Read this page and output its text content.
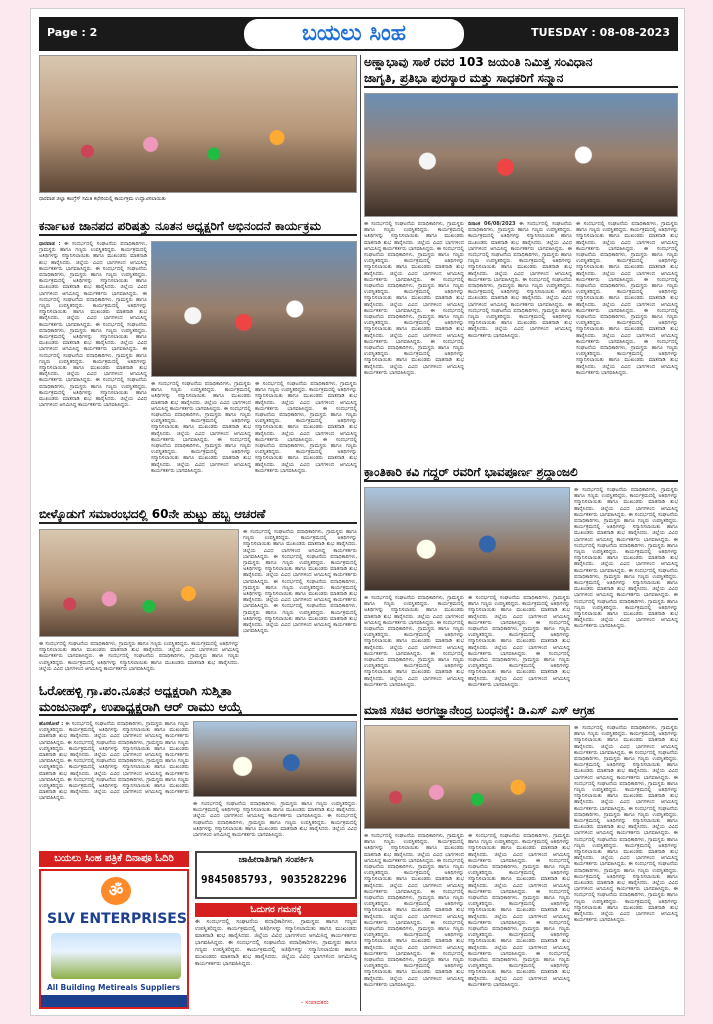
Page : 2	ಬಯಲು ಸಿಂಹ	TUESDAY : 08-08-2023
ಧಾರವಾಡ ಜಿಲ್ಲಾ ಕಾಂಗ್ರೆಸ್ ಸಮಿತಿ ಕಛೇರಿಯಲ್ಲಿ ಕಾರ್ಯಕ್ರಮ ಉದ್ಘಾಟಿಸಲಾಯಿತು
ಕರ್ನಾಟಕ ಜಾನಪದ ಪರಿಷತ್ತು ನೂತನ ಅಧ್ಯಕ್ಷರಿಗೆ ಅಭಿನಂದನೆ ಕಾರ್ಯಕ್ರಮ
ಧಾರವಾಡ : ಈ ಸಂದರ್ಭದಲ್ಲಿ ಸಂಘಟನೆಯ ಪದಾಧಿಕಾರಿಗಳು, ಗ್ರಾಮಸ್ಥರು ಹಾಗೂ ಗಣ್ಯರು ಉಪಸ್ಥಿತರಿದ್ದರು. ಕಾರ್ಯಕ್ರಮದಲ್ಲಿ ಅತಿಥಿಗಳನ್ನು ಸನ್ಮಾನಿಸಲಾಯಿತು ಹಾಗೂ ಮುಖಂಡರು ಮಾತನಾಡಿ ಶುಭ ಹಾರೈಸಿದರು. ಜಿಲ್ಲೆಯ ವಿವಿಧ ಭಾಗಗಳಿಂದ ಆಗಮಿಸಿದ್ದ ಕಾರ್ಯಕರ್ತರು ಭಾಗವಹಿಸಿದ್ದರು. ಈ ಸಂದರ್ಭದಲ್ಲಿ ಸಂಘಟನೆಯ ಪದಾಧಿಕಾರಿಗಳು, ಗ್ರಾಮಸ್ಥರು ಹಾಗೂ ಗಣ್ಯರು ಉಪಸ್ಥಿತರಿದ್ದರು. ಕಾರ್ಯಕ್ರಮದಲ್ಲಿ ಅತಿಥಿಗಳನ್ನು ಸನ್ಮಾನಿಸಲಾಯಿತು ಹಾಗೂ ಮುಖಂಡರು ಮಾತನಾಡಿ ಶುಭ ಹಾರೈಸಿದರು. ಜಿಲ್ಲೆಯ ವಿವಿಧ ಭಾಗಗಳಿಂದ ಆಗಮಿಸಿದ್ದ ಕಾರ್ಯಕರ್ತರು ಭಾಗವಹಿಸಿದ್ದರು. ಈ ಸಂದರ್ಭದಲ್ಲಿ ಸಂಘಟನೆಯ ಪದಾಧಿಕಾರಿಗಳು, ಗ್ರಾಮಸ್ಥರು ಹಾಗೂ ಗಣ್ಯರು ಉಪಸ್ಥಿತರಿದ್ದರು. ಕಾರ್ಯಕ್ರಮದಲ್ಲಿ ಅತಿಥಿಗಳನ್ನು ಸನ್ಮಾನಿಸಲಾಯಿತು ಹಾಗೂ ಮುಖಂಡರು ಮಾತನಾಡಿ ಶುಭ ಹಾರೈಸಿದರು. ಜಿಲ್ಲೆಯ ವಿವಿಧ ಭಾಗಗಳಿಂದ ಆಗಮಿಸಿದ್ದ ಕಾರ್ಯಕರ್ತರು ಭಾಗವಹಿಸಿದ್ದರು. ಈ ಸಂದರ್ಭದಲ್ಲಿ ಸಂಘಟನೆಯ ಪದಾಧಿಕಾರಿಗಳು, ಗ್ರಾಮಸ್ಥರು ಹಾಗೂ ಗಣ್ಯರು ಉಪಸ್ಥಿತರಿದ್ದರು. ಕಾರ್ಯಕ್ರಮದಲ್ಲಿ ಅತಿಥಿಗಳನ್ನು ಸನ್ಮಾನಿಸಲಾಯಿತು ಹಾಗೂ ಮುಖಂಡರು ಮಾತನಾಡಿ ಶುಭ ಹಾರೈಸಿದರು. ಜಿಲ್ಲೆಯ ವಿವಿಧ ಭಾಗಗಳಿಂದ ಆಗಮಿಸಿದ್ದ ಕಾರ್ಯಕರ್ತರು ಭಾಗವಹಿಸಿದ್ದರು. ಈ ಸಂದರ್ಭದಲ್ಲಿ ಸಂಘಟನೆಯ ಪದಾಧಿಕಾರಿಗಳು, ಗ್ರಾಮಸ್ಥರು ಹಾಗೂ ಗಣ್ಯರು ಉಪಸ್ಥಿತರಿದ್ದರು. ಕಾರ್ಯಕ್ರಮದಲ್ಲಿ ಅತಿಥಿಗಳನ್ನು ಸನ್ಮಾನಿಸಲಾಯಿತು ಹಾಗೂ ಮುಖಂಡರು ಮಾತನಾಡಿ ಶುಭ ಹಾರೈಸಿದರು. ಜಿಲ್ಲೆಯ ವಿವಿಧ ಭಾಗಗಳಿಂದ ಆಗಮಿಸಿದ್ದ ಕಾರ್ಯಕರ್ತರು ಭಾಗವಹಿಸಿದ್ದರು. ಈ ಸಂದರ್ಭದಲ್ಲಿ ಸಂಘಟನೆಯ ಪದಾಧಿಕಾರಿಗಳು, ಗ್ರಾಮಸ್ಥರು ಹಾಗೂ ಗಣ್ಯರು ಉಪಸ್ಥಿತರಿದ್ದರು. ಕಾರ್ಯಕ್ರಮದಲ್ಲಿ ಅತಿಥಿಗಳನ್ನು ಸನ್ಮಾನಿಸಲಾಯಿತು ಹಾಗೂ ಮುಖಂಡರು ಮಾತನಾಡಿ ಶುಭ ಹಾರೈಸಿದರು. ಜಿಲ್ಲೆಯ ವಿವಿಧ ಭಾಗಗಳಿಂದ ಆಗಮಿಸಿದ್ದ ಕಾರ್ಯಕರ್ತರು ಭಾಗವಹಿಸಿದ್ದರು.
ಈ ಸಂದರ್ಭದಲ್ಲಿ ಸಂಘಟನೆಯ ಪದಾಧಿಕಾರಿಗಳು, ಗ್ರಾಮಸ್ಥರು ಹಾಗೂ ಗಣ್ಯರು ಉಪಸ್ಥಿತರಿದ್ದರು. ಕಾರ್ಯಕ್ರಮದಲ್ಲಿ ಅತಿಥಿಗಳನ್ನು ಸನ್ಮಾನಿಸಲಾಯಿತು ಹಾಗೂ ಮುಖಂಡರು ಮಾತನಾಡಿ ಶುಭ ಹಾರೈಸಿದರು. ಜಿಲ್ಲೆಯ ವಿವಿಧ ಭಾಗಗಳಿಂದ ಆಗಮಿಸಿದ್ದ ಕಾರ್ಯಕರ್ತರು ಭಾಗವಹಿಸಿದ್ದರು. ಈ ಸಂದರ್ಭದಲ್ಲಿ ಸಂಘಟನೆಯ ಪದಾಧಿಕಾರಿಗಳು, ಗ್ರಾಮಸ್ಥರು ಹಾಗೂ ಗಣ್ಯರು ಉಪಸ್ಥಿತರಿದ್ದರು. ಕಾರ್ಯಕ್ರಮದಲ್ಲಿ ಅತಿಥಿಗಳನ್ನು ಸನ್ಮಾನಿಸಲಾಯಿತು ಹಾಗೂ ಮುಖಂಡರು ಮಾತನಾಡಿ ಶುಭ ಹಾರೈಸಿದರು. ಜಿಲ್ಲೆಯ ವಿವಿಧ ಭಾಗಗಳಿಂದ ಆಗಮಿಸಿದ್ದ ಕಾರ್ಯಕರ್ತರು ಭಾಗವಹಿಸಿದ್ದರು. ಈ ಸಂದರ್ಭದಲ್ಲಿ ಸಂಘಟನೆಯ ಪದಾಧಿಕಾರಿಗಳು, ಗ್ರಾಮಸ್ಥರು ಹಾಗೂ ಗಣ್ಯರು ಉಪಸ್ಥಿತರಿದ್ದರು. ಕಾರ್ಯಕ್ರಮದಲ್ಲಿ ಅತಿಥಿಗಳನ್ನು ಸನ್ಮಾನಿಸಲಾಯಿತು ಹಾಗೂ ಮುಖಂಡರು ಮಾತನಾಡಿ ಶುಭ ಹಾರೈಸಿದರು. ಜಿಲ್ಲೆಯ ವಿವಿಧ ಭಾಗಗಳಿಂದ ಆಗಮಿಸಿದ್ದ ಕಾರ್ಯಕರ್ತರು ಭಾಗವಹಿಸಿದ್ದರು.
ಈ ಸಂದರ್ಭದಲ್ಲಿ ಸಂಘಟನೆಯ ಪದಾಧಿಕಾರಿಗಳು, ಗ್ರಾಮಸ್ಥರು ಹಾಗೂ ಗಣ್ಯರು ಉಪಸ್ಥಿತರಿದ್ದರು. ಕಾರ್ಯಕ್ರಮದಲ್ಲಿ ಅತಿಥಿಗಳನ್ನು ಸನ್ಮಾನಿಸಲಾಯಿತು ಹಾಗೂ ಮುಖಂಡರು ಮಾತನಾಡಿ ಶುಭ ಹಾರೈಸಿದರು. ಜಿಲ್ಲೆಯ ವಿವಿಧ ಭಾಗಗಳಿಂದ ಆಗಮಿಸಿದ್ದ ಕಾರ್ಯಕರ್ತರು ಭಾಗವಹಿಸಿದ್ದರು. ಈ ಸಂದರ್ಭದಲ್ಲಿ ಸಂಘಟನೆಯ ಪದಾಧಿಕಾರಿಗಳು, ಗ್ರಾಮಸ್ಥರು ಹಾಗೂ ಗಣ್ಯರು ಉಪಸ್ಥಿತರಿದ್ದರು. ಕಾರ್ಯಕ್ರಮದಲ್ಲಿ ಅತಿಥಿಗಳನ್ನು ಸನ್ಮಾನಿಸಲಾಯಿತು ಹಾಗೂ ಮುಖಂಡರು ಮಾತನಾಡಿ ಶುಭ ಹಾರೈಸಿದರು. ಜಿಲ್ಲೆಯ ವಿವಿಧ ಭಾಗಗಳಿಂದ ಆಗಮಿಸಿದ್ದ ಕಾರ್ಯಕರ್ತರು ಭಾಗವಹಿಸಿದ್ದರು. ಈ ಸಂದರ್ಭದಲ್ಲಿ ಸಂಘಟನೆಯ ಪದಾಧಿಕಾರಿಗಳು, ಗ್ರಾಮಸ್ಥರು ಹಾಗೂ ಗಣ್ಯರು ಉಪಸ್ಥಿತರಿದ್ದರು. ಕಾರ್ಯಕ್ರಮದಲ್ಲಿ ಅತಿಥಿಗಳನ್ನು ಸನ್ಮಾನಿಸಲಾಯಿತು ಹಾಗೂ ಮುಖಂಡರು ಮಾತನಾಡಿ ಶುಭ ಹಾರೈಸಿದರು. ಜಿಲ್ಲೆಯ ವಿವಿಧ ಭಾಗಗಳಿಂದ ಆಗಮಿಸಿದ್ದ ಕಾರ್ಯಕರ್ತರು ಭಾಗವಹಿಸಿದ್ದರು.
ಬೀಳ್ಕೊಡುಗೆ ಸಮಾರಂಭದಲ್ಲಿ 60ನೇ ಹುಟ್ಟು ಹಬ್ಬ ಆಚರಣೆ
ಈ ಸಂದರ್ಭದಲ್ಲಿ ಸಂಘಟನೆಯ ಪದಾಧಿಕಾರಿಗಳು, ಗ್ರಾಮಸ್ಥರು ಹಾಗೂ ಗಣ್ಯರು ಉಪಸ್ಥಿತರಿದ್ದರು. ಕಾರ್ಯಕ್ರಮದಲ್ಲಿ ಅತಿಥಿಗಳನ್ನು ಸನ್ಮಾನಿಸಲಾಯಿತು ಹಾಗೂ ಮುಖಂಡರು ಮಾತನಾಡಿ ಶುಭ ಹಾರೈಸಿದರು. ಜಿಲ್ಲೆಯ ವಿವಿಧ ಭಾಗಗಳಿಂದ ಆಗಮಿಸಿದ್ದ ಕಾರ್ಯಕರ್ತರು ಭಾಗವಹಿಸಿದ್ದರು. ಈ ಸಂದರ್ಭದಲ್ಲಿ ಸಂಘಟನೆಯ ಪದಾಧಿಕಾರಿಗಳು, ಗ್ರಾಮಸ್ಥರು ಹಾಗೂ ಗಣ್ಯರು ಉಪಸ್ಥಿತರಿದ್ದರು. ಕಾರ್ಯಕ್ರಮದಲ್ಲಿ ಅತಿಥಿಗಳನ್ನು ಸನ್ಮಾನಿಸಲಾಯಿತು ಹಾಗೂ ಮುಖಂಡರು ಮಾತನಾಡಿ ಶುಭ ಹಾರೈಸಿದರು. ಜಿಲ್ಲೆಯ ವಿವಿಧ ಭಾಗಗಳಿಂದ ಆಗಮಿಸಿದ್ದ ಕಾರ್ಯಕರ್ತರು ಭಾಗವಹಿಸಿದ್ದರು. ಈ ಸಂದರ್ಭದಲ್ಲಿ ಸಂಘಟನೆಯ ಪದಾಧಿಕಾರಿಗಳು, ಗ್ರಾಮಸ್ಥರು ಹಾಗೂ ಗಣ್ಯರು ಉಪಸ್ಥಿತರಿದ್ದರು. ಕಾರ್ಯಕ್ರಮದಲ್ಲಿ ಅತಿಥಿಗಳನ್ನು ಸನ್ಮಾನಿಸಲಾಯಿತು ಹಾಗೂ ಮುಖಂಡರು ಮಾತನಾಡಿ ಶುಭ ಹಾರೈಸಿದರು. ಜಿಲ್ಲೆಯ ವಿವಿಧ ಭಾಗಗಳಿಂದ ಆಗಮಿಸಿದ್ದ ಕಾರ್ಯಕರ್ತರು ಭಾಗವಹಿಸಿದ್ದರು. ಈ ಸಂದರ್ಭದಲ್ಲಿ ಸಂಘಟನೆಯ ಪದಾಧಿಕಾರಿಗಳು, ಗ್ರಾಮಸ್ಥರು ಹಾಗೂ ಗಣ್ಯರು ಉಪಸ್ಥಿತರಿದ್ದರು. ಕಾರ್ಯಕ್ರಮದಲ್ಲಿ ಅತಿಥಿಗಳನ್ನು ಸನ್ಮಾನಿಸಲಾಯಿತು ಹಾಗೂ ಮುಖಂಡರು ಮಾತನಾಡಿ ಶುಭ ಹಾರೈಸಿದರು. ಜಿಲ್ಲೆಯ ವಿವಿಧ ಭಾಗಗಳಿಂದ ಆಗಮಿಸಿದ್ದ ಕಾರ್ಯಕರ್ತರು ಭಾಗವಹಿಸಿದ್ದರು.
ಈ ಸಂದರ್ಭದಲ್ಲಿ ಸಂಘಟನೆಯ ಪದಾಧಿಕಾರಿಗಳು, ಗ್ರಾಮಸ್ಥರು ಹಾಗೂ ಗಣ್ಯರು ಉಪಸ್ಥಿತರಿದ್ದರು. ಕಾರ್ಯಕ್ರಮದಲ್ಲಿ ಅತಿಥಿಗಳನ್ನು ಸನ್ಮಾನಿಸಲಾಯಿತು ಹಾಗೂ ಮುಖಂಡರು ಮಾತನಾಡಿ ಶುಭ ಹಾರೈಸಿದರು. ಜಿಲ್ಲೆಯ ವಿವಿಧ ಭಾಗಗಳಿಂದ ಆಗಮಿಸಿದ್ದ ಕಾರ್ಯಕರ್ತರು ಭಾಗವಹಿಸಿದ್ದರು. ಈ ಸಂದರ್ಭದಲ್ಲಿ ಸಂಘಟನೆಯ ಪದಾಧಿಕಾರಿಗಳು, ಗ್ರಾಮಸ್ಥರು ಹಾಗೂ ಗಣ್ಯರು ಉಪಸ್ಥಿತರಿದ್ದರು. ಕಾರ್ಯಕ್ರಮದಲ್ಲಿ ಅತಿಥಿಗಳನ್ನು ಸನ್ಮಾನಿಸಲಾಯಿತು ಹಾಗೂ ಮುಖಂಡರು ಮಾತನಾಡಿ ಶುಭ ಹಾರೈಸಿದರು. ಜಿಲ್ಲೆಯ ವಿವಿಧ ಭಾಗಗಳಿಂದ ಆಗಮಿಸಿದ್ದ ಕಾರ್ಯಕರ್ತರು ಭಾಗವಹಿಸಿದ್ದರು.
ಓರೋಹಳ್ಳಿ ಗ್ರಾ.ಪಂ.ನೂತನ ಅಧ್ಯಕ್ಷರಾಗಿ ಸುಶ್ಮಿತಾ
ಮಂಜುನಾಥ್, ಉಪಾಧ್ಯಕ್ಷರಾಗಿ ಆರ್ ರಾಮು ಆಯ್ಕೆ
ಹೊಸಕೋಟೆ : ಈ ಸಂದರ್ಭದಲ್ಲಿ ಸಂಘಟನೆಯ ಪದಾಧಿಕಾರಿಗಳು, ಗ್ರಾಮಸ್ಥರು ಹಾಗೂ ಗಣ್ಯರು ಉಪಸ್ಥಿತರಿದ್ದರು. ಕಾರ್ಯಕ್ರಮದಲ್ಲಿ ಅತಿಥಿಗಳನ್ನು ಸನ್ಮಾನಿಸಲಾಯಿತು ಹಾಗೂ ಮುಖಂಡರು ಮಾತನಾಡಿ ಶುಭ ಹಾರೈಸಿದರು. ಜಿಲ್ಲೆಯ ವಿವಿಧ ಭಾಗಗಳಿಂದ ಆಗಮಿಸಿದ್ದ ಕಾರ್ಯಕರ್ತರು ಭಾಗವಹಿಸಿದ್ದರು. ಈ ಸಂದರ್ಭದಲ್ಲಿ ಸಂಘಟನೆಯ ಪದಾಧಿಕಾರಿಗಳು, ಗ್ರಾಮಸ್ಥರು ಹಾಗೂ ಗಣ್ಯರು ಉಪಸ್ಥಿತರಿದ್ದರು. ಕಾರ್ಯಕ್ರಮದಲ್ಲಿ ಅತಿಥಿಗಳನ್ನು ಸನ್ಮಾನಿಸಲಾಯಿತು ಹಾಗೂ ಮುಖಂಡರು ಮಾತನಾಡಿ ಶುಭ ಹಾರೈಸಿದರು. ಜಿಲ್ಲೆಯ ವಿವಿಧ ಭಾಗಗಳಿಂದ ಆಗಮಿಸಿದ್ದ ಕಾರ್ಯಕರ್ತರು ಭಾಗವಹಿಸಿದ್ದರು. ಈ ಸಂದರ್ಭದಲ್ಲಿ ಸಂಘಟನೆಯ ಪದಾಧಿಕಾರಿಗಳು, ಗ್ರಾಮಸ್ಥರು ಹಾಗೂ ಗಣ್ಯರು ಉಪಸ್ಥಿತರಿದ್ದರು. ಕಾರ್ಯಕ್ರಮದಲ್ಲಿ ಅತಿಥಿಗಳನ್ನು ಸನ್ಮಾನಿಸಲಾಯಿತು ಹಾಗೂ ಮುಖಂಡರು ಮಾತನಾಡಿ ಶುಭ ಹಾರೈಸಿದರು. ಜಿಲ್ಲೆಯ ವಿವಿಧ ಭಾಗಗಳಿಂದ ಆಗಮಿಸಿದ್ದ ಕಾರ್ಯಕರ್ತರು ಭಾಗವಹಿಸಿದ್ದರು. ಈ ಸಂದರ್ಭದಲ್ಲಿ ಸಂಘಟನೆಯ ಪದಾಧಿಕಾರಿಗಳು, ಗ್ರಾಮಸ್ಥರು ಹಾಗೂ ಗಣ್ಯರು ಉಪಸ್ಥಿತರಿದ್ದರು. ಕಾರ್ಯಕ್ರಮದಲ್ಲಿ ಅತಿಥಿಗಳನ್ನು ಸನ್ಮಾನಿಸಲಾಯಿತು ಹಾಗೂ ಮುಖಂಡರು ಮಾತನಾಡಿ ಶುಭ ಹಾರೈಸಿದರು. ಜಿಲ್ಲೆಯ ವಿವಿಧ ಭಾಗಗಳಿಂದ ಆಗಮಿಸಿದ್ದ ಕಾರ್ಯಕರ್ತರು ಭಾಗವಹಿಸಿದ್ದರು.
ಈ ಸಂದರ್ಭದಲ್ಲಿ ಸಂಘಟನೆಯ ಪದಾಧಿಕಾರಿಗಳು, ಗ್ರಾಮಸ್ಥರು ಹಾಗೂ ಗಣ್ಯರು ಉಪಸ್ಥಿತರಿದ್ದರು. ಕಾರ್ಯಕ್ರಮದಲ್ಲಿ ಅತಿಥಿಗಳನ್ನು ಸನ್ಮಾನಿಸಲಾಯಿತು ಹಾಗೂ ಮುಖಂಡರು ಮಾತನಾಡಿ ಶುಭ ಹಾರೈಸಿದರು. ಜಿಲ್ಲೆಯ ವಿವಿಧ ಭಾಗಗಳಿಂದ ಆಗಮಿಸಿದ್ದ ಕಾರ್ಯಕರ್ತರು ಭಾಗವಹಿಸಿದ್ದರು. ಈ ಸಂದರ್ಭದಲ್ಲಿ ಸಂಘಟನೆಯ ಪದಾಧಿಕಾರಿಗಳು, ಗ್ರಾಮಸ್ಥರು ಹಾಗೂ ಗಣ್ಯರು ಉಪಸ್ಥಿತರಿದ್ದರು. ಕಾರ್ಯಕ್ರಮದಲ್ಲಿ ಅತಿಥಿಗಳನ್ನು ಸನ್ಮಾನಿಸಲಾಯಿತು ಹಾಗೂ ಮುಖಂಡರು ಮಾತನಾಡಿ ಶುಭ ಹಾರೈಸಿದರು. ಜಿಲ್ಲೆಯ ವಿವಿಧ ಭಾಗಗಳಿಂದ ಆಗಮಿಸಿದ್ದ ಕಾರ್ಯಕರ್ತರು ಭಾಗವಹಿಸಿದ್ದರು.
ಬಯಲು ಸಿಂಹ ಪತ್ರಿಕೆ ದಿನಾಪೂ ಓದಿರಿ
ॐ
SLV ENTERPRISES
All Building Metireals Suppliers
ಜಾಹೀರಾತಿಗಾಗಿ ಸಂಪರ್ಕಿಸಿ
9845085793, 9035282296
ಓದುಗರ ಗಮನಕ್ಕೆ
ಈ ಸಂದರ್ಭದಲ್ಲಿ ಸಂಘಟನೆಯ ಪದಾಧಿಕಾರಿಗಳು, ಗ್ರಾಮಸ್ಥರು ಹಾಗೂ ಗಣ್ಯರು ಉಪಸ್ಥಿತರಿದ್ದರು. ಕಾರ್ಯಕ್ರಮದಲ್ಲಿ ಅತಿಥಿಗಳನ್ನು ಸನ್ಮಾನಿಸಲಾಯಿತು ಹಾಗೂ ಮುಖಂಡರು ಮಾತನಾಡಿ ಶುಭ ಹಾರೈಸಿದರು. ಜಿಲ್ಲೆಯ ವಿವಿಧ ಭಾಗಗಳಿಂದ ಆಗಮಿಸಿದ್ದ ಕಾರ್ಯಕರ್ತರು ಭಾಗವಹಿಸಿದ್ದರು. ಈ ಸಂದರ್ಭದಲ್ಲಿ ಸಂಘಟನೆಯ ಪದಾಧಿಕಾರಿಗಳು, ಗ್ರಾಮಸ್ಥರು ಹಾಗೂ ಗಣ್ಯರು ಉಪಸ್ಥಿತರಿದ್ದರು. ಕಾರ್ಯಕ್ರಮದಲ್ಲಿ ಅತಿಥಿಗಳನ್ನು ಸನ್ಮಾನಿಸಲಾಯಿತು ಹಾಗೂ ಮುಖಂಡರು ಮಾತನಾಡಿ ಶುಭ ಹಾರೈಸಿದರು. ಜಿಲ್ಲೆಯ ವಿವಿಧ ಭಾಗಗಳಿಂದ ಆಗಮಿಸಿದ್ದ ಕಾರ್ಯಕರ್ತರು ಭಾಗವಹಿಸಿದ್ದರು.
- ಸಂಪಾದಕರು
ಅಣ್ಣಾಭಾವು ಸಾಠೆ ರವರ 103 ಜಯಂತಿ ನಿಮಿತ್ತ ಸಂವಿಧಾನ
ಜಾಗೃತಿ, ಪ್ರತಿಭಾ ಪುರಸ್ಕಾರ ಮತ್ತು ಸಾಧಕರಿಗೆ ಸನ್ಮಾನ
ಈ ಸಂದರ್ಭದಲ್ಲಿ ಸಂಘಟನೆಯ ಪದಾಧಿಕಾರಿಗಳು, ಗ್ರಾಮಸ್ಥರು ಹಾಗೂ ಗಣ್ಯರು ಉಪಸ್ಥಿತರಿದ್ದರು. ಕಾರ್ಯಕ್ರಮದಲ್ಲಿ ಅತಿಥಿಗಳನ್ನು ಸನ್ಮಾನಿಸಲಾಯಿತು ಹಾಗೂ ಮುಖಂಡರು ಮಾತನಾಡಿ ಶುಭ ಹಾರೈಸಿದರು. ಜಿಲ್ಲೆಯ ವಿವಿಧ ಭಾಗಗಳಿಂದ ಆಗಮಿಸಿದ್ದ ಕಾರ್ಯಕರ್ತರು ಭಾಗವಹಿಸಿದ್ದರು. ಈ ಸಂದರ್ಭದಲ್ಲಿ ಸಂಘಟನೆಯ ಪದಾಧಿಕಾರಿಗಳು, ಗ್ರಾಮಸ್ಥರು ಹಾಗೂ ಗಣ್ಯರು ಉಪಸ್ಥಿತರಿದ್ದರು. ಕಾರ್ಯಕ್ರಮದಲ್ಲಿ ಅತಿಥಿಗಳನ್ನು ಸನ್ಮಾನಿಸಲಾಯಿತು ಹಾಗೂ ಮುಖಂಡರು ಮಾತನಾಡಿ ಶುಭ ಹಾರೈಸಿದರು. ಜಿಲ್ಲೆಯ ವಿವಿಧ ಭಾಗಗಳಿಂದ ಆಗಮಿಸಿದ್ದ ಕಾರ್ಯಕರ್ತರು ಭಾಗವಹಿಸಿದ್ದರು. ಈ ಸಂದರ್ಭದಲ್ಲಿ ಸಂಘಟನೆಯ ಪದಾಧಿಕಾರಿಗಳು, ಗ್ರಾಮಸ್ಥರು ಹಾಗೂ ಗಣ್ಯರು ಉಪಸ್ಥಿತರಿದ್ದರು. ಕಾರ್ಯಕ್ರಮದಲ್ಲಿ ಅತಿಥಿಗಳನ್ನು ಸನ್ಮಾನಿಸಲಾಯಿತು ಹಾಗೂ ಮುಖಂಡರು ಮಾತನಾಡಿ ಶುಭ ಹಾರೈಸಿದರು. ಜಿಲ್ಲೆಯ ವಿವಿಧ ಭಾಗಗಳಿಂದ ಆಗಮಿಸಿದ್ದ ಕಾರ್ಯಕರ್ತರು ಭಾಗವಹಿಸಿದ್ದರು. ಈ ಸಂದರ್ಭದಲ್ಲಿ ಸಂಘಟನೆಯ ಪದಾಧಿಕಾರಿಗಳು, ಗ್ರಾಮಸ್ಥರು ಹಾಗೂ ಗಣ್ಯರು ಉಪಸ್ಥಿತರಿದ್ದರು. ಕಾರ್ಯಕ್ರಮದಲ್ಲಿ ಅತಿಥಿಗಳನ್ನು ಸನ್ಮಾನಿಸಲಾಯಿತು ಹಾಗೂ ಮುಖಂಡರು ಮಾತನಾಡಿ ಶುಭ ಹಾರೈಸಿದರು. ಜಿಲ್ಲೆಯ ವಿವಿಧ ಭಾಗಗಳಿಂದ ಆಗಮಿಸಿದ್ದ ಕಾರ್ಯಕರ್ತರು ಭಾಗವಹಿಸಿದ್ದರು. ಈ ಸಂದರ್ಭದಲ್ಲಿ ಸಂಘಟನೆಯ ಪದಾಧಿಕಾರಿಗಳು, ಗ್ರಾಮಸ್ಥರು ಹಾಗೂ ಗಣ್ಯರು ಉಪಸ್ಥಿತರಿದ್ದರು. ಕಾರ್ಯಕ್ರಮದಲ್ಲಿ ಅತಿಥಿಗಳನ್ನು ಸನ್ಮಾನಿಸಲಾಯಿತು ಹಾಗೂ ಮುಖಂಡರು ಮಾತನಾಡಿ ಶುಭ ಹಾರೈಸಿದರು. ಜಿಲ್ಲೆಯ ವಿವಿಧ ಭಾಗಗಳಿಂದ ಆಗಮಿಸಿದ್ದ ಕಾರ್ಯಕರ್ತರು ಭಾಗವಹಿಸಿದ್ದರು.
ದಿನಾಂಕ 06/08/2023 ಈ ಸಂದರ್ಭದಲ್ಲಿ ಸಂಘಟನೆಯ ಪದಾಧಿಕಾರಿಗಳು, ಗ್ರಾಮಸ್ಥರು ಹಾಗೂ ಗಣ್ಯರು ಉಪಸ್ಥಿತರಿದ್ದರು. ಕಾರ್ಯಕ್ರಮದಲ್ಲಿ ಅತಿಥಿಗಳನ್ನು ಸನ್ಮಾನಿಸಲಾಯಿತು ಹಾಗೂ ಮುಖಂಡರು ಮಾತನಾಡಿ ಶುಭ ಹಾರೈಸಿದರು. ಜಿಲ್ಲೆಯ ವಿವಿಧ ಭಾಗಗಳಿಂದ ಆಗಮಿಸಿದ್ದ ಕಾರ್ಯಕರ್ತರು ಭಾಗವಹಿಸಿದ್ದರು. ಈ ಸಂದರ್ಭದಲ್ಲಿ ಸಂಘಟನೆಯ ಪದಾಧಿಕಾರಿಗಳು, ಗ್ರಾಮಸ್ಥರು ಹಾಗೂ ಗಣ್ಯರು ಉಪಸ್ಥಿತರಿದ್ದರು. ಕಾರ್ಯಕ್ರಮದಲ್ಲಿ ಅತಿಥಿಗಳನ್ನು ಸನ್ಮಾನಿಸಲಾಯಿತು ಹಾಗೂ ಮುಖಂಡರು ಮಾತನಾಡಿ ಶುಭ ಹಾರೈಸಿದರು. ಜಿಲ್ಲೆಯ ವಿವಿಧ ಭಾಗಗಳಿಂದ ಆಗಮಿಸಿದ್ದ ಕಾರ್ಯಕರ್ತರು ಭಾಗವಹಿಸಿದ್ದರು. ಈ ಸಂದರ್ಭದಲ್ಲಿ ಸಂಘಟನೆಯ ಪದಾಧಿಕಾರಿಗಳು, ಗ್ರಾಮಸ್ಥರು ಹಾಗೂ ಗಣ್ಯರು ಉಪಸ್ಥಿತರಿದ್ದರು. ಕಾರ್ಯಕ್ರಮದಲ್ಲಿ ಅತಿಥಿಗಳನ್ನು ಸನ್ಮಾನಿಸಲಾಯಿತು ಹಾಗೂ ಮುಖಂಡರು ಮಾತನಾಡಿ ಶುಭ ಹಾರೈಸಿದರು. ಜಿಲ್ಲೆಯ ವಿವಿಧ ಭಾಗಗಳಿಂದ ಆಗಮಿಸಿದ್ದ ಕಾರ್ಯಕರ್ತರು ಭಾಗವಹಿಸಿದ್ದರು. ಈ ಸಂದರ್ಭದಲ್ಲಿ ಸಂಘಟನೆಯ ಪದಾಧಿಕಾರಿಗಳು, ಗ್ರಾಮಸ್ಥರು ಹಾಗೂ ಗಣ್ಯರು ಉಪಸ್ಥಿತರಿದ್ದರು. ಕಾರ್ಯಕ್ರಮದಲ್ಲಿ ಅತಿಥಿಗಳನ್ನು ಸನ್ಮಾನಿಸಲಾಯಿತು ಹಾಗೂ ಮುಖಂಡರು ಮಾತನಾಡಿ ಶುಭ ಹಾರೈಸಿದರು. ಜಿಲ್ಲೆಯ ವಿವಿಧ ಭಾಗಗಳಿಂದ ಆಗಮಿಸಿದ್ದ ಕಾರ್ಯಕರ್ತರು ಭಾಗವಹಿಸಿದ್ದರು.
ಈ ಸಂದರ್ಭದಲ್ಲಿ ಸಂಘಟನೆಯ ಪದಾಧಿಕಾರಿಗಳು, ಗ್ರಾಮಸ್ಥರು ಹಾಗೂ ಗಣ್ಯರು ಉಪಸ್ಥಿತರಿದ್ದರು. ಕಾರ್ಯಕ್ರಮದಲ್ಲಿ ಅತಿಥಿಗಳನ್ನು ಸನ್ಮಾನಿಸಲಾಯಿತು ಹಾಗೂ ಮುಖಂಡರು ಮಾತನಾಡಿ ಶುಭ ಹಾರೈಸಿದರು. ಜಿಲ್ಲೆಯ ವಿವಿಧ ಭಾಗಗಳಿಂದ ಆಗಮಿಸಿದ್ದ ಕಾರ್ಯಕರ್ತರು ಭಾಗವಹಿಸಿದ್ದರು. ಈ ಸಂದರ್ಭದಲ್ಲಿ ಸಂಘಟನೆಯ ಪದಾಧಿಕಾರಿಗಳು, ಗ್ರಾಮಸ್ಥರು ಹಾಗೂ ಗಣ್ಯರು ಉಪಸ್ಥಿತರಿದ್ದರು. ಕಾರ್ಯಕ್ರಮದಲ್ಲಿ ಅತಿಥಿಗಳನ್ನು ಸನ್ಮಾನಿಸಲಾಯಿತು ಹಾಗೂ ಮುಖಂಡರು ಮಾತನಾಡಿ ಶುಭ ಹಾರೈಸಿದರು. ಜಿಲ್ಲೆಯ ವಿವಿಧ ಭಾಗಗಳಿಂದ ಆಗಮಿಸಿದ್ದ ಕಾರ್ಯಕರ್ತರು ಭಾಗವಹಿಸಿದ್ದರು. ಈ ಸಂದರ್ಭದಲ್ಲಿ ಸಂಘಟನೆಯ ಪದಾಧಿಕಾರಿಗಳು, ಗ್ರಾಮಸ್ಥರು ಹಾಗೂ ಗಣ್ಯರು ಉಪಸ್ಥಿತರಿದ್ದರು. ಕಾರ್ಯಕ್ರಮದಲ್ಲಿ ಅತಿಥಿಗಳನ್ನು ಸನ್ಮಾನಿಸಲಾಯಿತು ಹಾಗೂ ಮುಖಂಡರು ಮಾತನಾಡಿ ಶುಭ ಹಾರೈಸಿದರು. ಜಿಲ್ಲೆಯ ವಿವಿಧ ಭಾಗಗಳಿಂದ ಆಗಮಿಸಿದ್ದ ಕಾರ್ಯಕರ್ತರು ಭಾಗವಹಿಸಿದ್ದರು. ಈ ಸಂದರ್ಭದಲ್ಲಿ ಸಂಘಟನೆಯ ಪದಾಧಿಕಾರಿಗಳು, ಗ್ರಾಮಸ್ಥರು ಹಾಗೂ ಗಣ್ಯರು ಉಪಸ್ಥಿತರಿದ್ದರು. ಕಾರ್ಯಕ್ರಮದಲ್ಲಿ ಅತಿಥಿಗಳನ್ನು ಸನ್ಮಾನಿಸಲಾಯಿತು ಹಾಗೂ ಮುಖಂಡರು ಮಾತನಾಡಿ ಶುಭ ಹಾರೈಸಿದರು. ಜಿಲ್ಲೆಯ ವಿವಿಧ ಭಾಗಗಳಿಂದ ಆಗಮಿಸಿದ್ದ ಕಾರ್ಯಕರ್ತರು ಭಾಗವಹಿಸಿದ್ದರು. ಈ ಸಂದರ್ಭದಲ್ಲಿ ಸಂಘಟನೆಯ ಪದಾಧಿಕಾರಿಗಳು, ಗ್ರಾಮಸ್ಥರು ಹಾಗೂ ಗಣ್ಯರು ಉಪಸ್ಥಿತರಿದ್ದರು. ಕಾರ್ಯಕ್ರಮದಲ್ಲಿ ಅತಿಥಿಗಳನ್ನು ಸನ್ಮಾನಿಸಲಾಯಿತು ಹಾಗೂ ಮುಖಂಡರು ಮಾತನಾಡಿ ಶುಭ ಹಾರೈಸಿದರು. ಜಿಲ್ಲೆಯ ವಿವಿಧ ಭಾಗಗಳಿಂದ ಆಗಮಿಸಿದ್ದ ಕಾರ್ಯಕರ್ತರು ಭಾಗವಹಿಸಿದ್ದರು.
ಕ್ರಾಂತಿಕಾರಿ ಕವಿ ಗದ್ದರ್ ರವರಿಗೆ ಭಾವಪೂರ್ಣ ಶ್ರದ್ಧಾಂಜಲಿ
ಈ ಸಂದರ್ಭದಲ್ಲಿ ಸಂಘಟನೆಯ ಪದಾಧಿಕಾರಿಗಳು, ಗ್ರಾಮಸ್ಥರು ಹಾಗೂ ಗಣ್ಯರು ಉಪಸ್ಥಿತರಿದ್ದರು. ಕಾರ್ಯಕ್ರಮದಲ್ಲಿ ಅತಿಥಿಗಳನ್ನು ಸನ್ಮಾನಿಸಲಾಯಿತು ಹಾಗೂ ಮುಖಂಡರು ಮಾತನಾಡಿ ಶುಭ ಹಾರೈಸಿದರು. ಜಿಲ್ಲೆಯ ವಿವಿಧ ಭಾಗಗಳಿಂದ ಆಗಮಿಸಿದ್ದ ಕಾರ್ಯಕರ್ತರು ಭಾಗವಹಿಸಿದ್ದರು. ಈ ಸಂದರ್ಭದಲ್ಲಿ ಸಂಘಟನೆಯ ಪದಾಧಿಕಾರಿಗಳು, ಗ್ರಾಮಸ್ಥರು ಹಾಗೂ ಗಣ್ಯರು ಉಪಸ್ಥಿತರಿದ್ದರು. ಕಾರ್ಯಕ್ರಮದಲ್ಲಿ ಅತಿಥಿಗಳನ್ನು ಸನ್ಮಾನಿಸಲಾಯಿತು ಹಾಗೂ ಮುಖಂಡರು ಮಾತನಾಡಿ ಶುಭ ಹಾರೈಸಿದರು. ಜಿಲ್ಲೆಯ ವಿವಿಧ ಭಾಗಗಳಿಂದ ಆಗಮಿಸಿದ್ದ ಕಾರ್ಯಕರ್ತರು ಭಾಗವಹಿಸಿದ್ದರು. ಈ ಸಂದರ್ಭದಲ್ಲಿ ಸಂಘಟನೆಯ ಪದಾಧಿಕಾರಿಗಳು, ಗ್ರಾಮಸ್ಥರು ಹಾಗೂ ಗಣ್ಯರು ಉಪಸ್ಥಿತರಿದ್ದರು. ಕಾರ್ಯಕ್ರಮದಲ್ಲಿ ಅತಿಥಿಗಳನ್ನು ಸನ್ಮಾನಿಸಲಾಯಿತು ಹಾಗೂ ಮುಖಂಡರು ಮಾತನಾಡಿ ಶುಭ ಹಾರೈಸಿದರು. ಜಿಲ್ಲೆಯ ವಿವಿಧ ಭಾಗಗಳಿಂದ ಆಗಮಿಸಿದ್ದ ಕಾರ್ಯಕರ್ತರು ಭಾಗವಹಿಸಿದ್ದರು. ಈ ಸಂದರ್ಭದಲ್ಲಿ ಸಂಘಟನೆಯ ಪದಾಧಿಕಾರಿಗಳು, ಗ್ರಾಮಸ್ಥರು ಹಾಗೂ ಗಣ್ಯರು ಉಪಸ್ಥಿತರಿದ್ದರು. ಕಾರ್ಯಕ್ರಮದಲ್ಲಿ ಅತಿಥಿಗಳನ್ನು ಸನ್ಮಾನಿಸಲಾಯಿತು ಹಾಗೂ ಮುಖಂಡರು ಮಾತನಾಡಿ ಶುಭ ಹಾರೈಸಿದರು. ಜಿಲ್ಲೆಯ ವಿವಿಧ ಭಾಗಗಳಿಂದ ಆಗಮಿಸಿದ್ದ ಕಾರ್ಯಕರ್ತರು ಭಾಗವಹಿಸಿದ್ದರು. ಈ ಸಂದರ್ಭದಲ್ಲಿ ಸಂಘಟನೆಯ ಪದಾಧಿಕಾರಿಗಳು, ಗ್ರಾಮಸ್ಥರು ಹಾಗೂ ಗಣ್ಯರು ಉಪಸ್ಥಿತರಿದ್ದರು. ಕಾರ್ಯಕ್ರಮದಲ್ಲಿ ಅತಿಥಿಗಳನ್ನು ಸನ್ಮಾನಿಸಲಾಯಿತು ಹಾಗೂ ಮುಖಂಡರು ಮಾತನಾಡಿ ಶುಭ ಹಾರೈಸಿದರು. ಜಿಲ್ಲೆಯ ವಿವಿಧ ಭಾಗಗಳಿಂದ ಆಗಮಿಸಿದ್ದ ಕಾರ್ಯಕರ್ತರು ಭಾಗವಹಿಸಿದ್ದರು.
ಈ ಸಂದರ್ಭದಲ್ಲಿ ಸಂಘಟನೆಯ ಪದಾಧಿಕಾರಿಗಳು, ಗ್ರಾಮಸ್ಥರು ಹಾಗೂ ಗಣ್ಯರು ಉಪಸ್ಥಿತರಿದ್ದರು. ಕಾರ್ಯಕ್ರಮದಲ್ಲಿ ಅತಿಥಿಗಳನ್ನು ಸನ್ಮಾನಿಸಲಾಯಿತು ಹಾಗೂ ಮುಖಂಡರು ಮಾತನಾಡಿ ಶುಭ ಹಾರೈಸಿದರು. ಜಿಲ್ಲೆಯ ವಿವಿಧ ಭಾಗಗಳಿಂದ ಆಗಮಿಸಿದ್ದ ಕಾರ್ಯಕರ್ತರು ಭಾಗವಹಿಸಿದ್ದರು. ಈ ಸಂದರ್ಭದಲ್ಲಿ ಸಂಘಟನೆಯ ಪದಾಧಿಕಾರಿಗಳು, ಗ್ರಾಮಸ್ಥರು ಹಾಗೂ ಗಣ್ಯರು ಉಪಸ್ಥಿತರಿದ್ದರು. ಕಾರ್ಯಕ್ರಮದಲ್ಲಿ ಅತಿಥಿಗಳನ್ನು ಸನ್ಮಾನಿಸಲಾಯಿತು ಹಾಗೂ ಮುಖಂಡರು ಮಾತನಾಡಿ ಶುಭ ಹಾರೈಸಿದರು. ಜಿಲ್ಲೆಯ ವಿವಿಧ ಭಾಗಗಳಿಂದ ಆಗಮಿಸಿದ್ದ ಕಾರ್ಯಕರ್ತರು ಭಾಗವಹಿಸಿದ್ದರು. ಈ ಸಂದರ್ಭದಲ್ಲಿ ಸಂಘಟನೆಯ ಪದಾಧಿಕಾರಿಗಳು, ಗ್ರಾಮಸ್ಥರು ಹಾಗೂ ಗಣ್ಯರು ಉಪಸ್ಥಿತರಿದ್ದರು. ಕಾರ್ಯಕ್ರಮದಲ್ಲಿ ಅತಿಥಿಗಳನ್ನು ಸನ್ಮಾನಿಸಲಾಯಿತು ಹಾಗೂ ಮುಖಂಡರು ಮಾತನಾಡಿ ಶುಭ ಹಾರೈಸಿದರು. ಜಿಲ್ಲೆಯ ವಿವಿಧ ಭಾಗಗಳಿಂದ ಆಗಮಿಸಿದ್ದ ಕಾರ್ಯಕರ್ತರು ಭಾಗವಹಿಸಿದ್ದರು.
ಈ ಸಂದರ್ಭದಲ್ಲಿ ಸಂಘಟನೆಯ ಪದಾಧಿಕಾರಿಗಳು, ಗ್ರಾಮಸ್ಥರು ಹಾಗೂ ಗಣ್ಯರು ಉಪಸ್ಥಿತರಿದ್ದರು. ಕಾರ್ಯಕ್ರಮದಲ್ಲಿ ಅತಿಥಿಗಳನ್ನು ಸನ್ಮಾನಿಸಲಾಯಿತು ಹಾಗೂ ಮುಖಂಡರು ಮಾತನಾಡಿ ಶುಭ ಹಾರೈಸಿದರು. ಜಿಲ್ಲೆಯ ವಿವಿಧ ಭಾಗಗಳಿಂದ ಆಗಮಿಸಿದ್ದ ಕಾರ್ಯಕರ್ತರು ಭಾಗವಹಿಸಿದ್ದರು. ಈ ಸಂದರ್ಭದಲ್ಲಿ ಸಂಘಟನೆಯ ಪದಾಧಿಕಾರಿಗಳು, ಗ್ರಾಮಸ್ಥರು ಹಾಗೂ ಗಣ್ಯರು ಉಪಸ್ಥಿತರಿದ್ದರು. ಕಾರ್ಯಕ್ರಮದಲ್ಲಿ ಅತಿಥಿಗಳನ್ನು ಸನ್ಮಾನಿಸಲಾಯಿತು ಹಾಗೂ ಮುಖಂಡರು ಮಾತನಾಡಿ ಶುಭ ಹಾರೈಸಿದರು. ಜಿಲ್ಲೆಯ ವಿವಿಧ ಭಾಗಗಳಿಂದ ಆಗಮಿಸಿದ್ದ ಕಾರ್ಯಕರ್ತರು ಭಾಗವಹಿಸಿದ್ದರು. ಈ ಸಂದರ್ಭದಲ್ಲಿ ಸಂಘಟನೆಯ ಪದಾಧಿಕಾರಿಗಳು, ಗ್ರಾಮಸ್ಥರು ಹಾಗೂ ಗಣ್ಯರು ಉಪಸ್ಥಿತರಿದ್ದರು. ಕಾರ್ಯಕ್ರಮದಲ್ಲಿ ಅತಿಥಿಗಳನ್ನು ಸನ್ಮಾನಿಸಲಾಯಿತು ಹಾಗೂ ಮುಖಂಡರು ಮಾತನಾಡಿ ಶುಭ ಹಾರೈಸಿದರು. ಜಿಲ್ಲೆಯ ವಿವಿಧ ಭಾಗಗಳಿಂದ ಆಗಮಿಸಿದ್ದ ಕಾರ್ಯಕರ್ತರು ಭಾಗವಹಿಸಿದ್ದರು.
ಮಾಜಿ ಸಚಿವ ಅರಗಜ್ಞಾನೇಂದ್ರ ಬಂಧನಕ್ಕೆ: ಡಿ.ಎಸ್ ಎಸ್ ಆಗ್ರಹ
ಈ ಸಂದರ್ಭದಲ್ಲಿ ಸಂಘಟನೆಯ ಪದಾಧಿಕಾರಿಗಳು, ಗ್ರಾಮಸ್ಥರು ಹಾಗೂ ಗಣ್ಯರು ಉಪಸ್ಥಿತರಿದ್ದರು. ಕಾರ್ಯಕ್ರಮದಲ್ಲಿ ಅತಿಥಿಗಳನ್ನು ಸನ್ಮಾನಿಸಲಾಯಿತು ಹಾಗೂ ಮುಖಂಡರು ಮಾತನಾಡಿ ಶುಭ ಹಾರೈಸಿದರು. ಜಿಲ್ಲೆಯ ವಿವಿಧ ಭಾಗಗಳಿಂದ ಆಗಮಿಸಿದ್ದ ಕಾರ್ಯಕರ್ತರು ಭಾಗವಹಿಸಿದ್ದರು. ಈ ಸಂದರ್ಭದಲ್ಲಿ ಸಂಘಟನೆಯ ಪದಾಧಿಕಾರಿಗಳು, ಗ್ರಾಮಸ್ಥರು ಹಾಗೂ ಗಣ್ಯರು ಉಪಸ್ಥಿತರಿದ್ದರು. ಕಾರ್ಯಕ್ರಮದಲ್ಲಿ ಅತಿಥಿಗಳನ್ನು ಸನ್ಮಾನಿಸಲಾಯಿತು ಹಾಗೂ ಮುಖಂಡರು ಮಾತನಾಡಿ ಶುಭ ಹಾರೈಸಿದರು. ಜಿಲ್ಲೆಯ ವಿವಿಧ ಭಾಗಗಳಿಂದ ಆಗಮಿಸಿದ್ದ ಕಾರ್ಯಕರ್ತರು ಭಾಗವಹಿಸಿದ್ದರು. ಈ ಸಂದರ್ಭದಲ್ಲಿ ಸಂಘಟನೆಯ ಪದಾಧಿಕಾರಿಗಳು, ಗ್ರಾಮಸ್ಥರು ಹಾಗೂ ಗಣ್ಯರು ಉಪಸ್ಥಿತರಿದ್ದರು. ಕಾರ್ಯಕ್ರಮದಲ್ಲಿ ಅತಿಥಿಗಳನ್ನು ಸನ್ಮಾನಿಸಲಾಯಿತು ಹಾಗೂ ಮುಖಂಡರು ಮಾತನಾಡಿ ಶುಭ ಹಾರೈಸಿದರು. ಜಿಲ್ಲೆಯ ವಿವಿಧ ಭಾಗಗಳಿಂದ ಆಗಮಿಸಿದ್ದ ಕಾರ್ಯಕರ್ತರು ಭಾಗವಹಿಸಿದ್ದರು. ಈ ಸಂದರ್ಭದಲ್ಲಿ ಸಂಘಟನೆಯ ಪದಾಧಿಕಾರಿಗಳು, ಗ್ರಾಮಸ್ಥರು ಹಾಗೂ ಗಣ್ಯರು ಉಪಸ್ಥಿತರಿದ್ದರು. ಕಾರ್ಯಕ್ರಮದಲ್ಲಿ ಅತಿಥಿಗಳನ್ನು ಸನ್ಮಾನಿಸಲಾಯಿತು ಹಾಗೂ ಮುಖಂಡರು ಮಾತನಾಡಿ ಶುಭ ಹಾರೈಸಿದರು. ಜಿಲ್ಲೆಯ ವಿವಿಧ ಭಾಗಗಳಿಂದ ಆಗಮಿಸಿದ್ದ ಕಾರ್ಯಕರ್ತರು ಭಾಗವಹಿಸಿದ್ದರು. ಈ ಸಂದರ್ಭದಲ್ಲಿ ಸಂಘಟನೆಯ ಪದಾಧಿಕಾರಿಗಳು, ಗ್ರಾಮಸ್ಥರು ಹಾಗೂ ಗಣ್ಯರು ಉಪಸ್ಥಿತರಿದ್ದರು. ಕಾರ್ಯಕ್ರಮದಲ್ಲಿ ಅತಿಥಿಗಳನ್ನು ಸನ್ಮಾನಿಸಲಾಯಿತು ಹಾಗೂ ಮುಖಂಡರು ಮಾತನಾಡಿ ಶುಭ ಹಾರೈಸಿದರು. ಜಿಲ್ಲೆಯ ವಿವಿಧ ಭಾಗಗಳಿಂದ ಆಗಮಿಸಿದ್ದ ಕಾರ್ಯಕರ್ತರು ಭಾಗವಹಿಸಿದ್ದರು. ಈ ಸಂದರ್ಭದಲ್ಲಿ ಸಂಘಟನೆಯ ಪದಾಧಿಕಾರಿಗಳು, ಗ್ರಾಮಸ್ಥರು ಹಾಗೂ ಗಣ್ಯರು ಉಪಸ್ಥಿತರಿದ್ದರು. ಕಾರ್ಯಕ್ರಮದಲ್ಲಿ ಅತಿಥಿಗಳನ್ನು ಸನ್ಮಾನಿಸಲಾಯಿತು ಹಾಗೂ ಮುಖಂಡರು ಮಾತನಾಡಿ ಶುಭ ಹಾರೈಸಿದರು. ಜಿಲ್ಲೆಯ ವಿವಿಧ ಭಾಗಗಳಿಂದ ಆಗಮಿಸಿದ್ದ ಕಾರ್ಯಕರ್ತರು ಭಾಗವಹಿಸಿದ್ದರು. ಈ ಸಂದರ್ಭದಲ್ಲಿ ಸಂಘಟನೆಯ ಪದಾಧಿಕಾರಿಗಳು, ಗ್ರಾಮಸ್ಥರು ಹಾಗೂ ಗಣ್ಯರು ಉಪಸ್ಥಿತರಿದ್ದರು. ಕಾರ್ಯಕ್ರಮದಲ್ಲಿ ಅತಿಥಿಗಳನ್ನು ಸನ್ಮಾನಿಸಲಾಯಿತು ಹಾಗೂ ಮುಖಂಡರು ಮಾತನಾಡಿ ಶುಭ ಹಾರೈಸಿದರು. ಜಿಲ್ಲೆಯ ವಿವಿಧ ಭಾಗಗಳಿಂದ ಆಗಮಿಸಿದ್ದ ಕಾರ್ಯಕರ್ತರು ಭಾಗವಹಿಸಿದ್ದರು.
ಈ ಸಂದರ್ಭದಲ್ಲಿ ಸಂಘಟನೆಯ ಪದಾಧಿಕಾರಿಗಳು, ಗ್ರಾಮಸ್ಥರು ಹಾಗೂ ಗಣ್ಯರು ಉಪಸ್ಥಿತರಿದ್ದರು. ಕಾರ್ಯಕ್ರಮದಲ್ಲಿ ಅತಿಥಿಗಳನ್ನು ಸನ್ಮಾನಿಸಲಾಯಿತು ಹಾಗೂ ಮುಖಂಡರು ಮಾತನಾಡಿ ಶುಭ ಹಾರೈಸಿದರು. ಜಿಲ್ಲೆಯ ವಿವಿಧ ಭಾಗಗಳಿಂದ ಆಗಮಿಸಿದ್ದ ಕಾರ್ಯಕರ್ತರು ಭಾಗವಹಿಸಿದ್ದರು. ಈ ಸಂದರ್ಭದಲ್ಲಿ ಸಂಘಟನೆಯ ಪದಾಧಿಕಾರಿಗಳು, ಗ್ರಾಮಸ್ಥರು ಹಾಗೂ ಗಣ್ಯರು ಉಪಸ್ಥಿತರಿದ್ದರು. ಕಾರ್ಯಕ್ರಮದಲ್ಲಿ ಅತಿಥಿಗಳನ್ನು ಸನ್ಮಾನಿಸಲಾಯಿತು ಹಾಗೂ ಮುಖಂಡರು ಮಾತನಾಡಿ ಶುಭ ಹಾರೈಸಿದರು. ಜಿಲ್ಲೆಯ ವಿವಿಧ ಭಾಗಗಳಿಂದ ಆಗಮಿಸಿದ್ದ ಕಾರ್ಯಕರ್ತರು ಭಾಗವಹಿಸಿದ್ದರು. ಈ ಸಂದರ್ಭದಲ್ಲಿ ಸಂಘಟನೆಯ ಪದಾಧಿಕಾರಿಗಳು, ಗ್ರಾಮಸ್ಥರು ಹಾಗೂ ಗಣ್ಯರು ಉಪಸ್ಥಿತರಿದ್ದರು. ಕಾರ್ಯಕ್ರಮದಲ್ಲಿ ಅತಿಥಿಗಳನ್ನು ಸನ್ಮಾನಿಸಲಾಯಿತು ಹಾಗೂ ಮುಖಂಡರು ಮಾತನಾಡಿ ಶುಭ ಹಾರೈಸಿದರು. ಜಿಲ್ಲೆಯ ವಿವಿಧ ಭಾಗಗಳಿಂದ ಆಗಮಿಸಿದ್ದ ಕಾರ್ಯಕರ್ತರು ಭಾಗವಹಿಸಿದ್ದರು. ಈ ಸಂದರ್ಭದಲ್ಲಿ ಸಂಘಟನೆಯ ಪದಾಧಿಕಾರಿಗಳು, ಗ್ರಾಮಸ್ಥರು ಹಾಗೂ ಗಣ್ಯರು ಉಪಸ್ಥಿತರಿದ್ದರು. ಕಾರ್ಯಕ್ರಮದಲ್ಲಿ ಅತಿಥಿಗಳನ್ನು ಸನ್ಮಾನಿಸಲಾಯಿತು ಹಾಗೂ ಮುಖಂಡರು ಮಾತನಾಡಿ ಶುಭ ಹಾರೈಸಿದರು. ಜಿಲ್ಲೆಯ ವಿವಿಧ ಭಾಗಗಳಿಂದ ಆಗಮಿಸಿದ್ದ ಕಾರ್ಯಕರ್ತರು ಭಾಗವಹಿಸಿದ್ದರು. ಈ ಸಂದರ್ಭದಲ್ಲಿ ಸಂಘಟನೆಯ ಪದಾಧಿಕಾರಿಗಳು, ಗ್ರಾಮಸ್ಥರು ಹಾಗೂ ಗಣ್ಯರು ಉಪಸ್ಥಿತರಿದ್ದರು. ಕಾರ್ಯಕ್ರಮದಲ್ಲಿ ಅತಿಥಿಗಳನ್ನು ಸನ್ಮಾನಿಸಲಾಯಿತು ಹಾಗೂ ಮುಖಂಡರು ಮಾತನಾಡಿ ಶುಭ ಹಾರೈಸಿದರು. ಜಿಲ್ಲೆಯ ವಿವಿಧ ಭಾಗಗಳಿಂದ ಆಗಮಿಸಿದ್ದ ಕಾರ್ಯಕರ್ತರು ಭಾಗವಹಿಸಿದ್ದರು.
ಈ ಸಂದರ್ಭದಲ್ಲಿ ಸಂಘಟನೆಯ ಪದಾಧಿಕಾರಿಗಳು, ಗ್ರಾಮಸ್ಥರು ಹಾಗೂ ಗಣ್ಯರು ಉಪಸ್ಥಿತರಿದ್ದರು. ಕಾರ್ಯಕ್ರಮದಲ್ಲಿ ಅತಿಥಿಗಳನ್ನು ಸನ್ಮಾನಿಸಲಾಯಿತು ಹಾಗೂ ಮುಖಂಡರು ಮಾತನಾಡಿ ಶುಭ ಹಾರೈಸಿದರು. ಜಿಲ್ಲೆಯ ವಿವಿಧ ಭಾಗಗಳಿಂದ ಆಗಮಿಸಿದ್ದ ಕಾರ್ಯಕರ್ತರು ಭಾಗವಹಿಸಿದ್ದರು. ಈ ಸಂದರ್ಭದಲ್ಲಿ ಸಂಘಟನೆಯ ಪದಾಧಿಕಾರಿಗಳು, ಗ್ರಾಮಸ್ಥರು ಹಾಗೂ ಗಣ್ಯರು ಉಪಸ್ಥಿತರಿದ್ದರು. ಕಾರ್ಯಕ್ರಮದಲ್ಲಿ ಅತಿಥಿಗಳನ್ನು ಸನ್ಮಾನಿಸಲಾಯಿತು ಹಾಗೂ ಮುಖಂಡರು ಮಾತನಾಡಿ ಶುಭ ಹಾರೈಸಿದರು. ಜಿಲ್ಲೆಯ ವಿವಿಧ ಭಾಗಗಳಿಂದ ಆಗಮಿಸಿದ್ದ ಕಾರ್ಯಕರ್ತರು ಭಾಗವಹಿಸಿದ್ದರು. ಈ ಸಂದರ್ಭದಲ್ಲಿ ಸಂಘಟನೆಯ ಪದಾಧಿಕಾರಿಗಳು, ಗ್ರಾಮಸ್ಥರು ಹಾಗೂ ಗಣ್ಯರು ಉಪಸ್ಥಿತರಿದ್ದರು. ಕಾರ್ಯಕ್ರಮದಲ್ಲಿ ಅತಿಥಿಗಳನ್ನು ಸನ್ಮಾನಿಸಲಾಯಿತು ಹಾಗೂ ಮುಖಂಡರು ಮಾತನಾಡಿ ಶುಭ ಹಾರೈಸಿದರು. ಜಿಲ್ಲೆಯ ವಿವಿಧ ಭಾಗಗಳಿಂದ ಆಗಮಿಸಿದ್ದ ಕಾರ್ಯಕರ್ತರು ಭಾಗವಹಿಸಿದ್ದರು. ಈ ಸಂದರ್ಭದಲ್ಲಿ ಸಂಘಟನೆಯ ಪದಾಧಿಕಾರಿಗಳು, ಗ್ರಾಮಸ್ಥರು ಹಾಗೂ ಗಣ್ಯರು ಉಪಸ್ಥಿತರಿದ್ದರು. ಕಾರ್ಯಕ್ರಮದಲ್ಲಿ ಅತಿಥಿಗಳನ್ನು ಸನ್ಮಾನಿಸಲಾಯಿತು ಹಾಗೂ ಮುಖಂಡರು ಮಾತನಾಡಿ ಶುಭ ಹಾರೈಸಿದರು. ಜಿಲ್ಲೆಯ ವಿವಿಧ ಭಾಗಗಳಿಂದ ಆಗಮಿಸಿದ್ದ ಕಾರ್ಯಕರ್ತರು ಭಾಗವಹಿಸಿದ್ದರು. ಈ ಸಂದರ್ಭದಲ್ಲಿ ಸಂಘಟನೆಯ ಪದಾಧಿಕಾರಿಗಳು, ಗ್ರಾಮಸ್ಥರು ಹಾಗೂ ಗಣ್ಯರು ಉಪಸ್ಥಿತರಿದ್ದರು. ಕಾರ್ಯಕ್ರಮದಲ್ಲಿ ಅತಿಥಿಗಳನ್ನು ಸನ್ಮಾನಿಸಲಾಯಿತು ಹಾಗೂ ಮುಖಂಡರು ಮಾತನಾಡಿ ಶುಭ ಹಾರೈಸಿದರು. ಜಿಲ್ಲೆಯ ವಿವಿಧ ಭಾಗಗಳಿಂದ ಆಗಮಿಸಿದ್ದ ಕಾರ್ಯಕರ್ತರು ಭಾಗವಹಿಸಿದ್ದರು.
